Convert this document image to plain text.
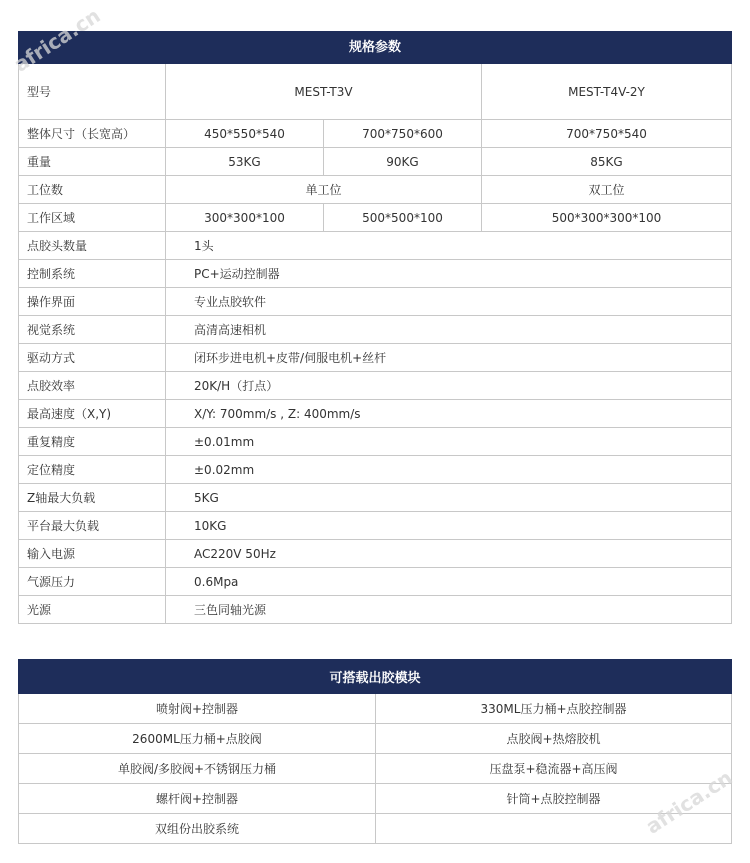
规格参数			
型号	MEST-T3V		MEST-T4V-2Y
整体尺寸（长宽高）	450*550*540	700*750*600	700*750*540
重量	53KG	90KG	85KG
工位数	单工位		双工位
工作区域	300*300*100	500*500*100	500*300*300*100
点胶头数量	1头		
控制系统	PC+运动控制器		
操作界面	专业点胶软件		
视觉系统	高清高速相机		
驱动方式	闭环步进电机+皮带/伺服电机+丝杆		
点胶效率	20K/H（打点）		
最高速度（X,Y)	X/Y: 700mm/s , Z: 400mm/s		
重复精度	±0.01mm		
定位精度	±0.02mm		
Z轴最大负载	5KG		
平台最大负载	10KG		
输入电源	AC220V 50Hz		
气源压力	0.6Mpa		
光源	三色同轴光源		
可搭载出胶模块	
喷射阀+控制器	330ML压力桶+点胶控制器
2600ML压力桶+点胶阀	点胶阀+热熔胶机
单胶阀/多胶阀+不锈钢压力桶	压盘泵+稳流器+高压阀
螺杆阀+控制器	针筒+点胶控制器
双组份出胶系统	
africa.cn
africa.cn
